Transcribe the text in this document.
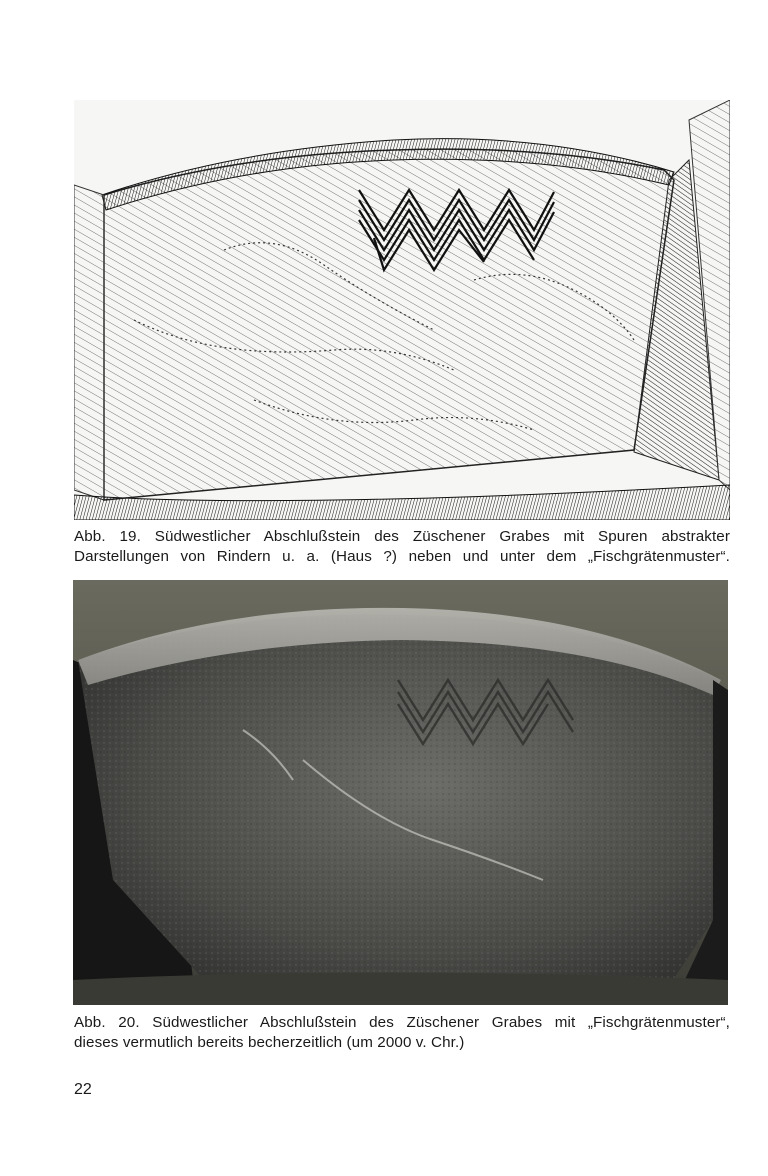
Abb. 19. Südwestlicher Abschlußstein des Züschener Grabes mit Spuren abstrakter
Darstellungen von Rindern u. a. (Haus ?) neben und unter dem „Fischgrätenmuster“.
Abb. 20. Südwestlicher Abschlußstein des Züschener Grabes mit „Fischgrätenmuster“,
dieses vermutlich bereits becherzeitlich (um 2000 v. Chr.)
22
